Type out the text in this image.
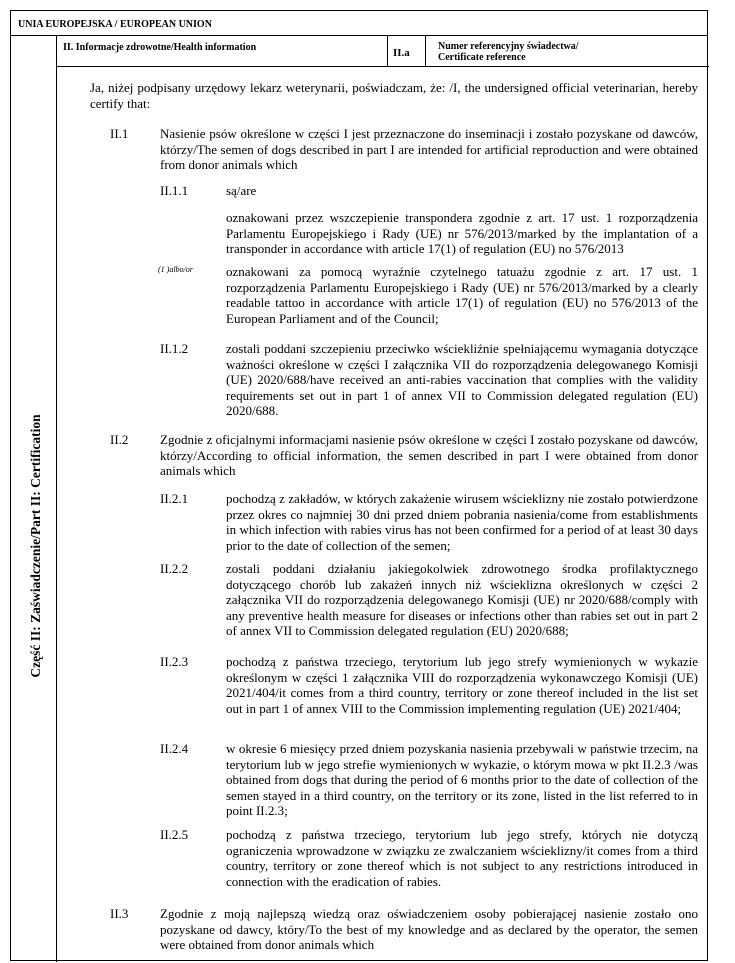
UNIA EUROPEJSKA / EUROPEAN UNION
Część II: Zaświadczenie/Part II: Certification
II. Informacje zdrowotne/Health information	II.a
Numer referencyjny świadectwa/
Certificate reference

Ja, niżej podpisany urzędowy lekarz weterynarii, poświadczam, że: /I, the undersigned official veterinarian, hereby certify that:

II.1 Nasienie psów określone w części I jest przeznaczone do inseminacji i zostało pozyskane od dawców, którzy/The semen of dogs described in part I are intended for artificial reproduction and were obtained from donor animals which

II.1.1	są/are

oznakowani przez wszczepienie transpondera zgodnie z art. 17 ust. 1 rozporządzenia Parlamentu Europejskiego i Rady (UE) nr 576/2013/marked by the implantation of a transponder in accordance with article 17(1) of regulation (EU) no 576/2013

(1 )albo/or	oznakowani za pomocą wyraźnie czytelnego tatuażu zgodnie z art. 17 ust. 1 rozporządzenia Parlamentu Europejskiego i Rady (UE) nr 576/2013/marked by a clearly readable tattoo in accordance with article 17(1) of regulation (EU) no 576/2013 of the European Parliament and of the Council;

II.1.2	zostali poddani szczepieniu przeciwko wściekliźnie spełniającemu wymagania dotyczące ważności określone w części I załącznika VII do rozporządzenia delegowanego Komisji (UE) 2020/688/have received an anti-rabies vaccination that complies with the validity requirements set out in part 1 of annex VII to Commission delegated regulation (EU) 2020/688.

II.2 Zgodnie z oficjalnymi informacjami nasienie psów określone w części I zostało pozyskane od dawców, którzy/According to official information, the semen described in part I were obtained from donor animals which

II.2.1	pochodzą z zakładów, w których zakażenie wirusem wścieklizny nie zostało potwierdzone przez okres co najmniej 30 dni przed dniem pobrania nasienia/come from establishments in which infection with rabies virus has not been confirmed for a period of at least 30 days prior to the date of collection of the semen;

II.2.2	zostali poddani działaniu jakiegokolwiek zdrowotnego środka profilaktycznego dotyczącego chorób lub zakażeń innych niż wścieklizna określonych w części 2 załącznika VII do rozporządzenia delegowanego Komisji (UE) nr 2020/688/comply with any preventive health measure for diseases or infections other than rabies set out in part 2 of annex VII to Commission delegated regulation (EU) 2020/688;

II.2.3	pochodzą z państwa trzeciego, terytorium lub jego strefy wymienionych w wykazie określonym w części 1 załącznika VIII do rozporządzenia wykonawczego Komisji (UE) 2021/404/it comes from a third country, territory or zone thereof included in the list set out in part 1 of annex VIII to the Commission implementing regulation (UE) 2021/404;

II.2.4	w okresie 6 miesięcy przed dniem pozyskania nasienia przebywali w państwie trzecim, na terytorium lub w jego strefie wymienionych w wykazie, o którym mowa w pkt II.2.3 /was obtained from dogs that during the period of 6 months prior to the date of collection of the semen stayed in a third country, on the territory or its zone, listed in the list referred to in point II.2.3;

II.2.5	pochodzą z państwa trzeciego, terytorium lub jego strefy, których nie dotyczą ograniczenia wprowadzone w związku ze zwalczaniem wścieklizny/it comes from a third country, territory or zone thereof which is not subject to any restrictions introduced in connection with the eradication of rabies.

II.3 Zgodnie z moją najlepszą wiedzą oraz oświadczeniem osoby pobierającej nasienie zostało ono pozyskane od dawcy, który/To the best of my knowledge and as declared by the operator, the semen were obtained from donor animals which
